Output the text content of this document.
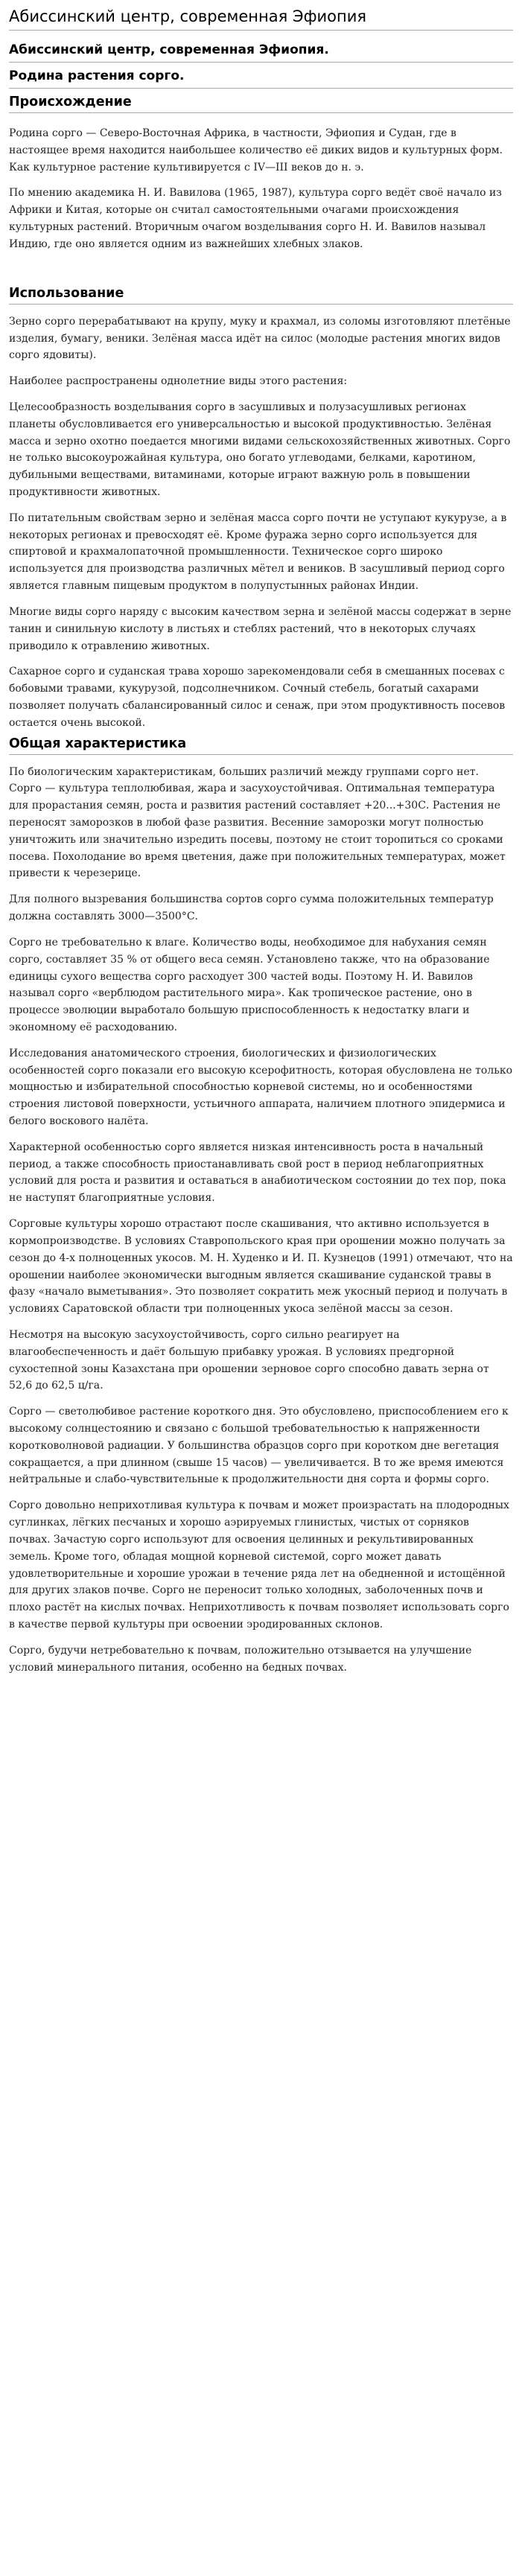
Абиссинский центр, современная Эфиопия
Абиссинский центр, современная Эфиопия.
Родина растения сорго.
Происхождение

Родина сорго — Северо-Восточная Африка, в частности, Эфиопия и Судан, где в настоящее время находится наибольшее количество её диких видов и культурных форм. Как культурное растение культивируется с IV—III веков до н. э.

По мнению академика Н. И. Вавилова (1965, 1987), культура сорго ведёт своё начало из Африки и Китая, которые он считал самостоятельными очагами происхождения культурных растений. Вторичным очагом возделывания сорго Н. И. Вавилов называл Индию, где оно является одним из важнейших хлебных злаков.

Использование

Зерно сорго перерабатывают на крупу, муку и крахмал, из соломы изготовляют плетёные изделия, бумагу, веники. Зелёная масса идёт на силос (молодые растения многих видов сорго ядовиты).

Наиболее распространены однолетние виды этого растения:

Целесообразность возделывания сорго в засушливых и полузасушливых регионах планеты обусловливается его универсальностью и высокой продуктивностью. Зелёная масса и зерно охотно поедается многими видами сельскохозяйственных животных. Сорго не только высокоурожайная культура, оно богато углеводами, белками, каротином, дубильными веществами, витаминами, которые играют важную роль в повышении продуктивности животных.

По питательным свойствам зерно и зелёная масса сорго почти не уступают кукурузе, а в некоторых регионах и превосходят её. Кроме фуража зерно сорго используется для спиртовой и крахмалопаточной промышленности. Техническое сорго широко используется для производства различных мётел и веников. В засушливый период сорго является главным пищевым продуктом в полупустынных районах Индии.

Многие виды сорго наряду с высоким качеством зерна и зелёной массы содержат в зерне танин и синильную кислоту в листьях и стеблях растений, что в некоторых случаях приводило к отравлению животных.

Сахарное сорго и суданская трава хорошо зарекомендовали себя в смешанных посевах с бобовыми травами, кукурузой, подсолнечником. Сочный стебель, богатый сахарами позволяет получать сбалансированный силос и сенаж, при этом продуктивность посевов остается очень высокой.

Общая характеристика

По биологическим характеристикам, больших различий между группами сорго нет. Сорго — культура теплолюбивая, жара и засухоустойчивая. Оптимальная температура для прорастания семян, роста и развития растений составляет +20...+30С. Растения не переносят заморозков в любой фазе развития. Весенние заморозки могут полностью уничтожить или значительно изредить посевы, поэтому не стоит торопиться со сроками посева. Похолодание во время цветения, даже при положительных температурах, может привести к черезерице.

Для полного вызревания большинства сортов сорго сумма положительных температур должна составлять 3000—3500°С.

Сорго не требовательно к влаге. Количество воды, необходимое для набухания семян сорго, составляет 35 % от общего веса семян. Установлено также, что на образование единицы сухого вещества сорго расходует 300 частей воды. Поэтому Н. И. Вавилов называл сорго «верблюдом растительного мира». Как тропическое растение, оно в процессе эволюции выработало большую приспособленность к недостатку влаги и экономному её расходованию.

Исследования анатомического строения, биологических и физиологических особенностей сорго показали его высокую ксерофитность, которая обусловлена не только мощностью и избирательной способностью корневой системы, но и особенностями строения листовой поверхности, устьичного аппарата, наличием плотного эпидермиса и белого воскового налёта.

Характерной особенностью сорго является низкая интенсивность роста в начальный период, а также способность приостанавливать свой рост в период неблагоприятных условий для роста и развития и оставаться в анабиотическом состоянии до тех пор, пока не наступят благоприятные условия.

Сорговые культуры хорошо отрастают после скашивания, что активно используется в кормопроизводстве. В условиях Ставропольского края при орошении можно получать за сезон до 4-х полноценных укосов. М. Н. Худенко и И. П. Кузнецов (1991) отмечают, что на орошении наиболее экономически выгодным является скашивание суданской травы в фазу «начало выметывания». Это позволяет сократить меж укосный период и получать в условиях Саратовской области три полноценных укоса зелёной массы за сезон.

Несмотря на высокую засухоустойчивость, сорго сильно реагирует на влагообеспеченность и даёт большую прибавку урожая. В условиях предгорной сухостепной зоны Казахстана при орошении зерновое сорго способно давать зерна от 52,6 до 62,5 ц/га.

Сорго — светолюбивое растение короткого дня. Это обусловлено, приспособлением его к высокому солнцестоянию и связано с большой требовательностью к напряженности коротковолновой радиации. У большинства образцов сорго при коротком дне вегетация сокращается, а при длинном (свыше 15 часов) — увеличивается. В то же время имеются нейтральные и слабо-чувствительные к продолжительности дня сорта и формы сорго.

Сорго довольно неприхотливая культура к почвам и может произрастать на плодородных суглинках, лёгких песчаных и хорошо аэрируемых глинистых, чистых от сорняков почвах. Зачастую сорго используют для освоения целинных и рекультивированных земель. Кроме того, обладая мощной корневой системой, сорго может давать удовлетворительные и хорошие урожаи в течение ряда лет на обедненной и истощённой для других злаков почве. Сорго не переносит только холодных, заболоченных почв и плохо растёт на кислых почвах. Неприхотливость к почвам позволяет использовать сорго в качестве первой культуры при освоении эродированных склонов.

Сорго, будучи нетребовательно к почвам, положительно отзывается на улучшение условий минерального питания, особенно на бедных почвах.
